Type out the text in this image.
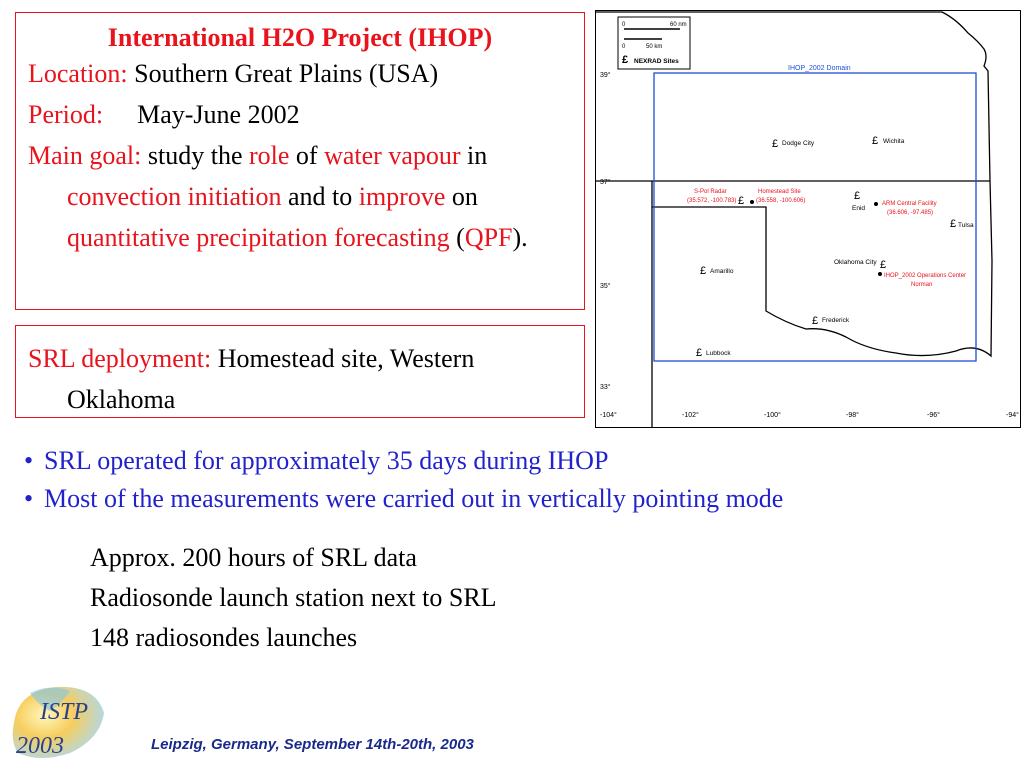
International H2O Project (IHOP)
Location: Southern Great Plains (USA)
Period: May-June 2002
Main goal: study the role of water vapour in convection initiation and to improve on quantitative precipitation forecasting (QPF).
SRL deployment: Homestead site, Western Oklahoma
IHOP_2002 Domain
0	60 nm
0	50 km
£ NEXRAD Sites
39°
37°
35°
33°
-104°	-102°	-100°	-98°	-96°	-94°
£ Dodge City	£ Wichita
£
Enid
£ Tulsa
£ Amarillo
Oklahoma City £
£ Frederick
£ Lubbock
£
S-Pol Radar
(35.572, -100.783)
Homestead Site
(36.558, -100.606)	ARM Central Facility
(36.606, -97.485)
IHOP_2002 Operations Center
Norman
• SRL operated for approximately 35 days during IHOP
• Most of the measurements were carried out in vertically pointing mode
Approx. 200 hours of SRL data
Radiosonde launch station next to SRL
148 radiosondes launches
ISTP
2003	Leipzig, Germany, September 14th-20th, 2003
